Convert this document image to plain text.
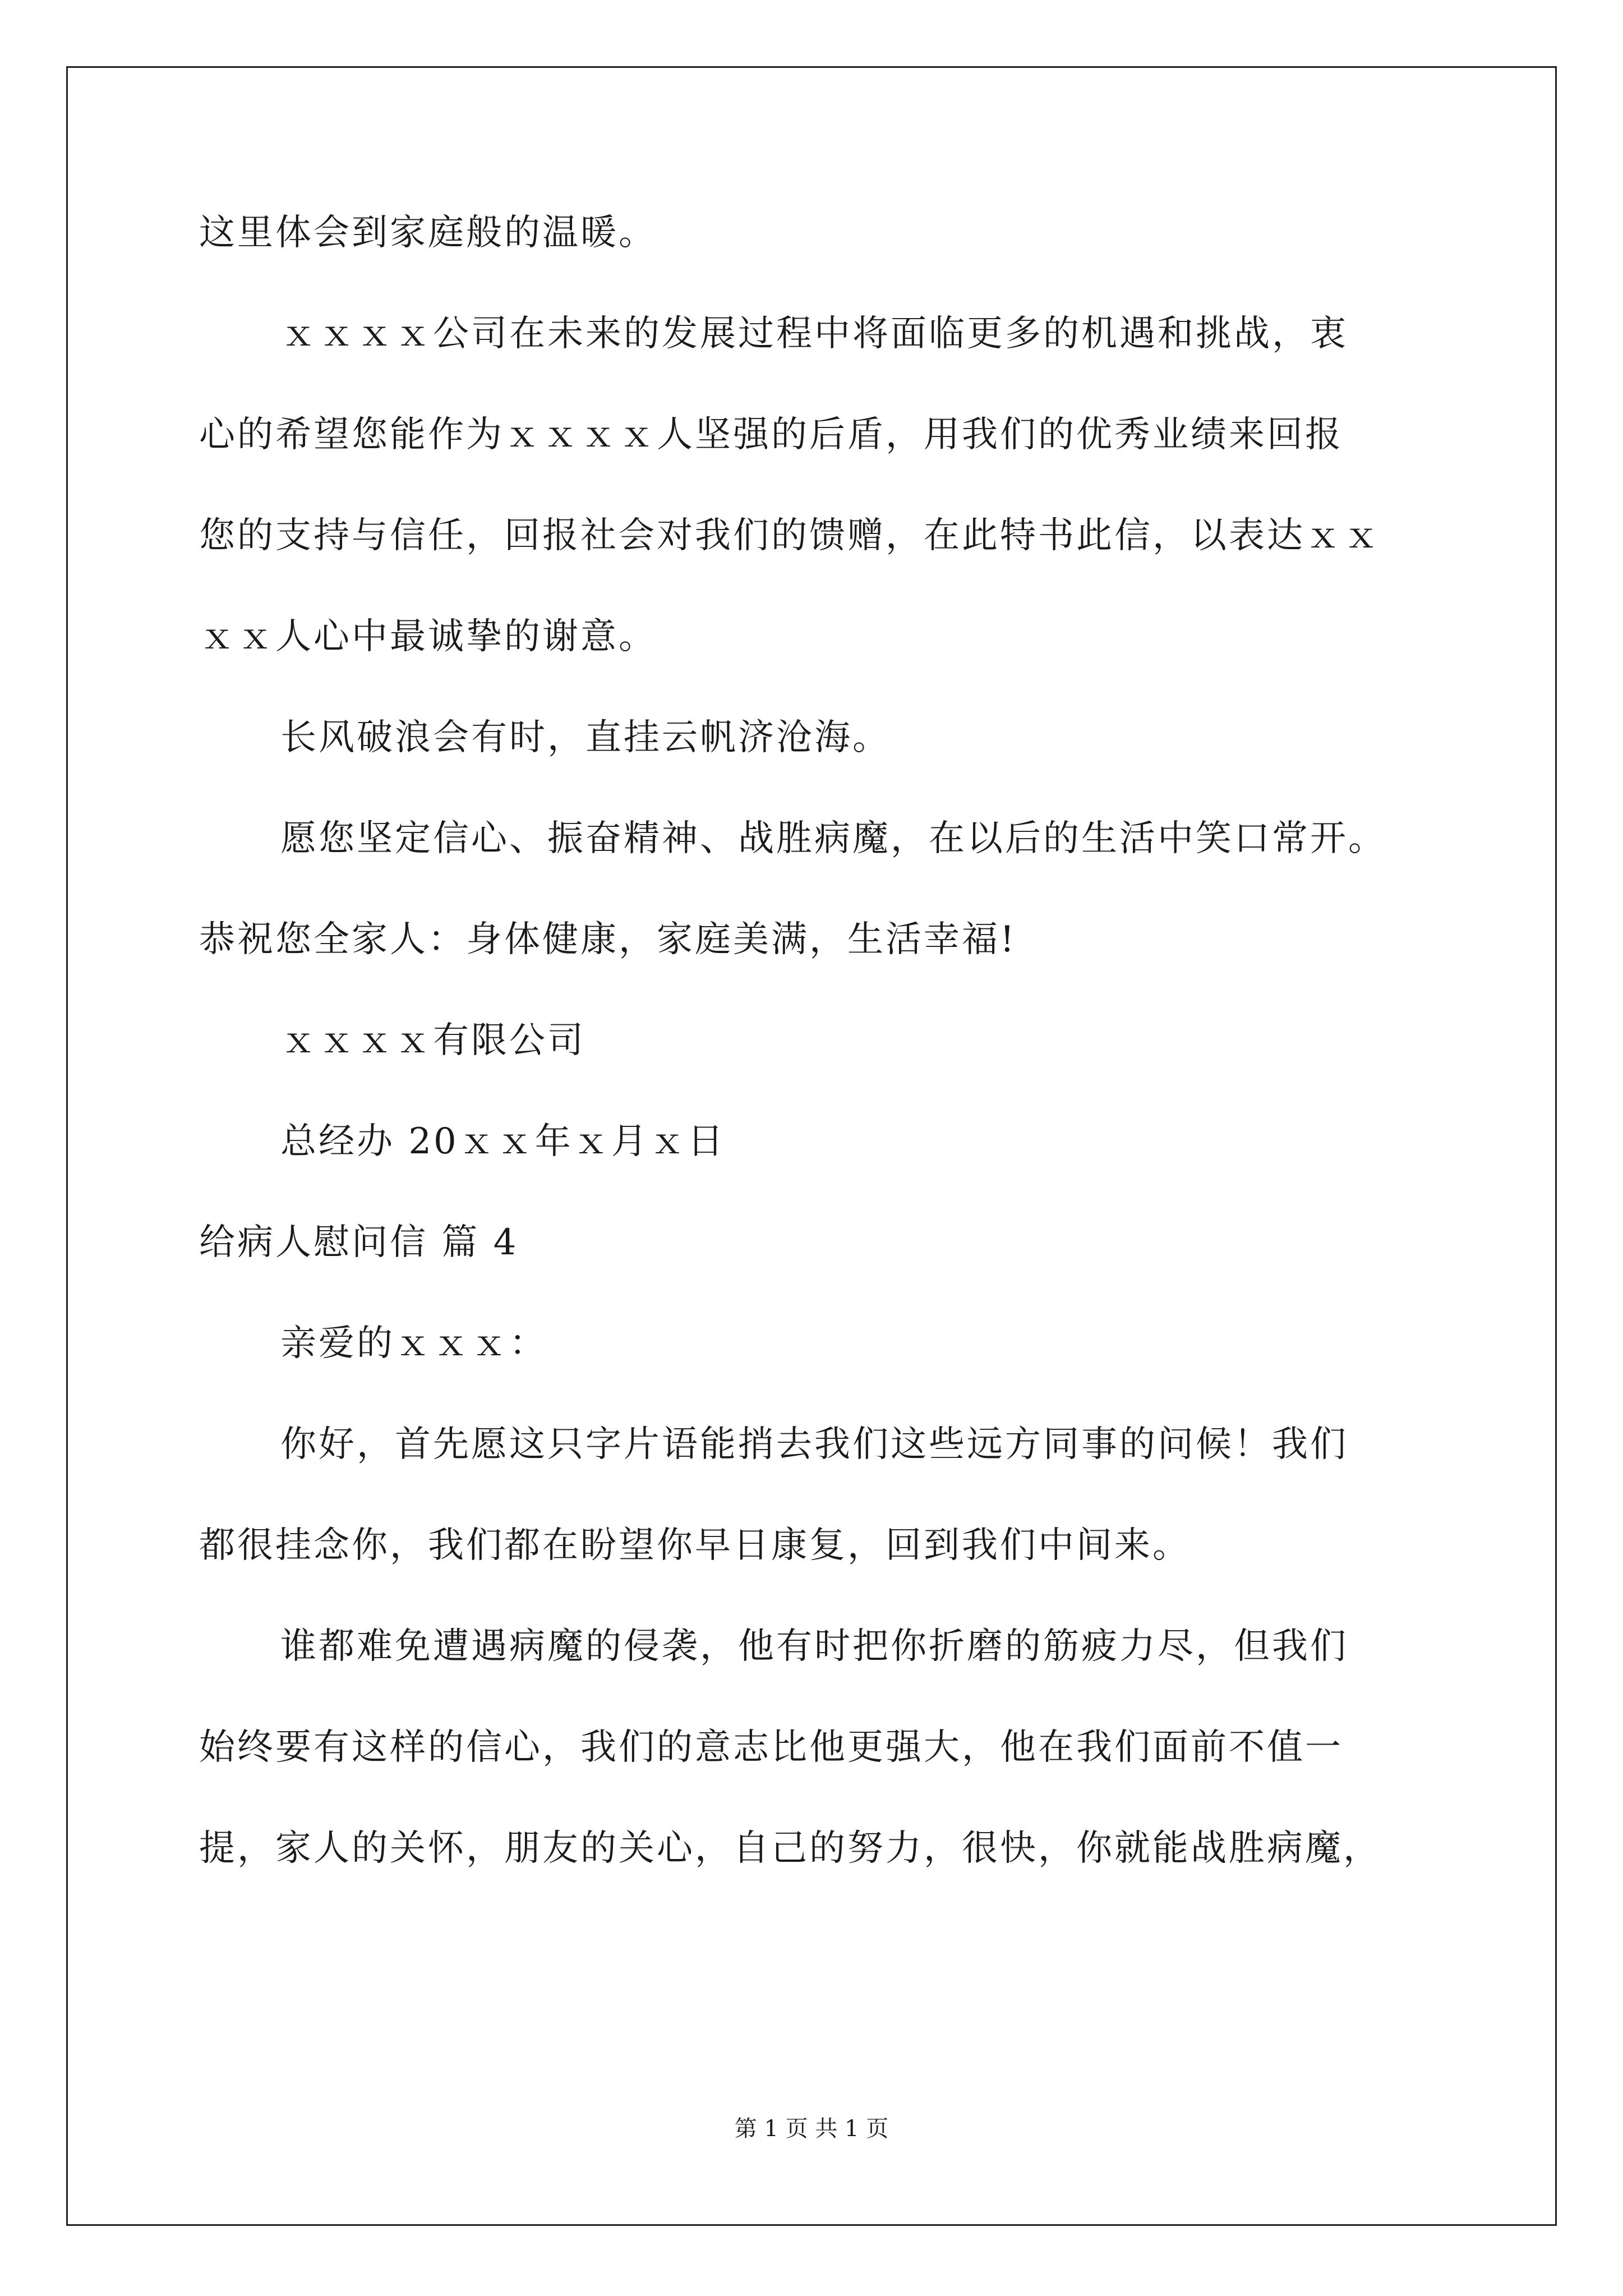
这里体会到家庭般的温暖。
ｘｘｘｘ公司在未来的发展过程中将面临更多的机遇和挑战，衷
心的希望您能作为ｘｘｘｘ人坚强的后盾，用我们的优秀业绩来回报
您的支持与信任，回报社会对我们的馈赠，在此特书此信，以表达ｘｘ
ｘｘ人心中最诚挚的谢意。
长风破浪会有时，直挂云帆济沧海。
愿您坚定信心、振奋精神、战胜病魔，在以后的生活中笑口常开。
恭祝您全家人：身体健康，家庭美满，生活幸福!
ｘｘｘｘ有限公司
总经办 20ｘｘ年ｘ月ｘ日
给病人慰问信 篇 4
亲爱的ｘｘｘ：
你好，首先愿这只字片语能捎去我们这些远方同事的问候！我们
都很挂念你，我们都在盼望你早日康复，回到我们中间来。
谁都难免遭遇病魔的侵袭，他有时把你折磨的筋疲力尽，但我们
始终要有这样的信心，我们的意志比他更强大，他在我们面前不值一
提，家人的关怀，朋友的关心，自己的努力，很快，你就能战胜病魔，
第 1 页 共 1 页
